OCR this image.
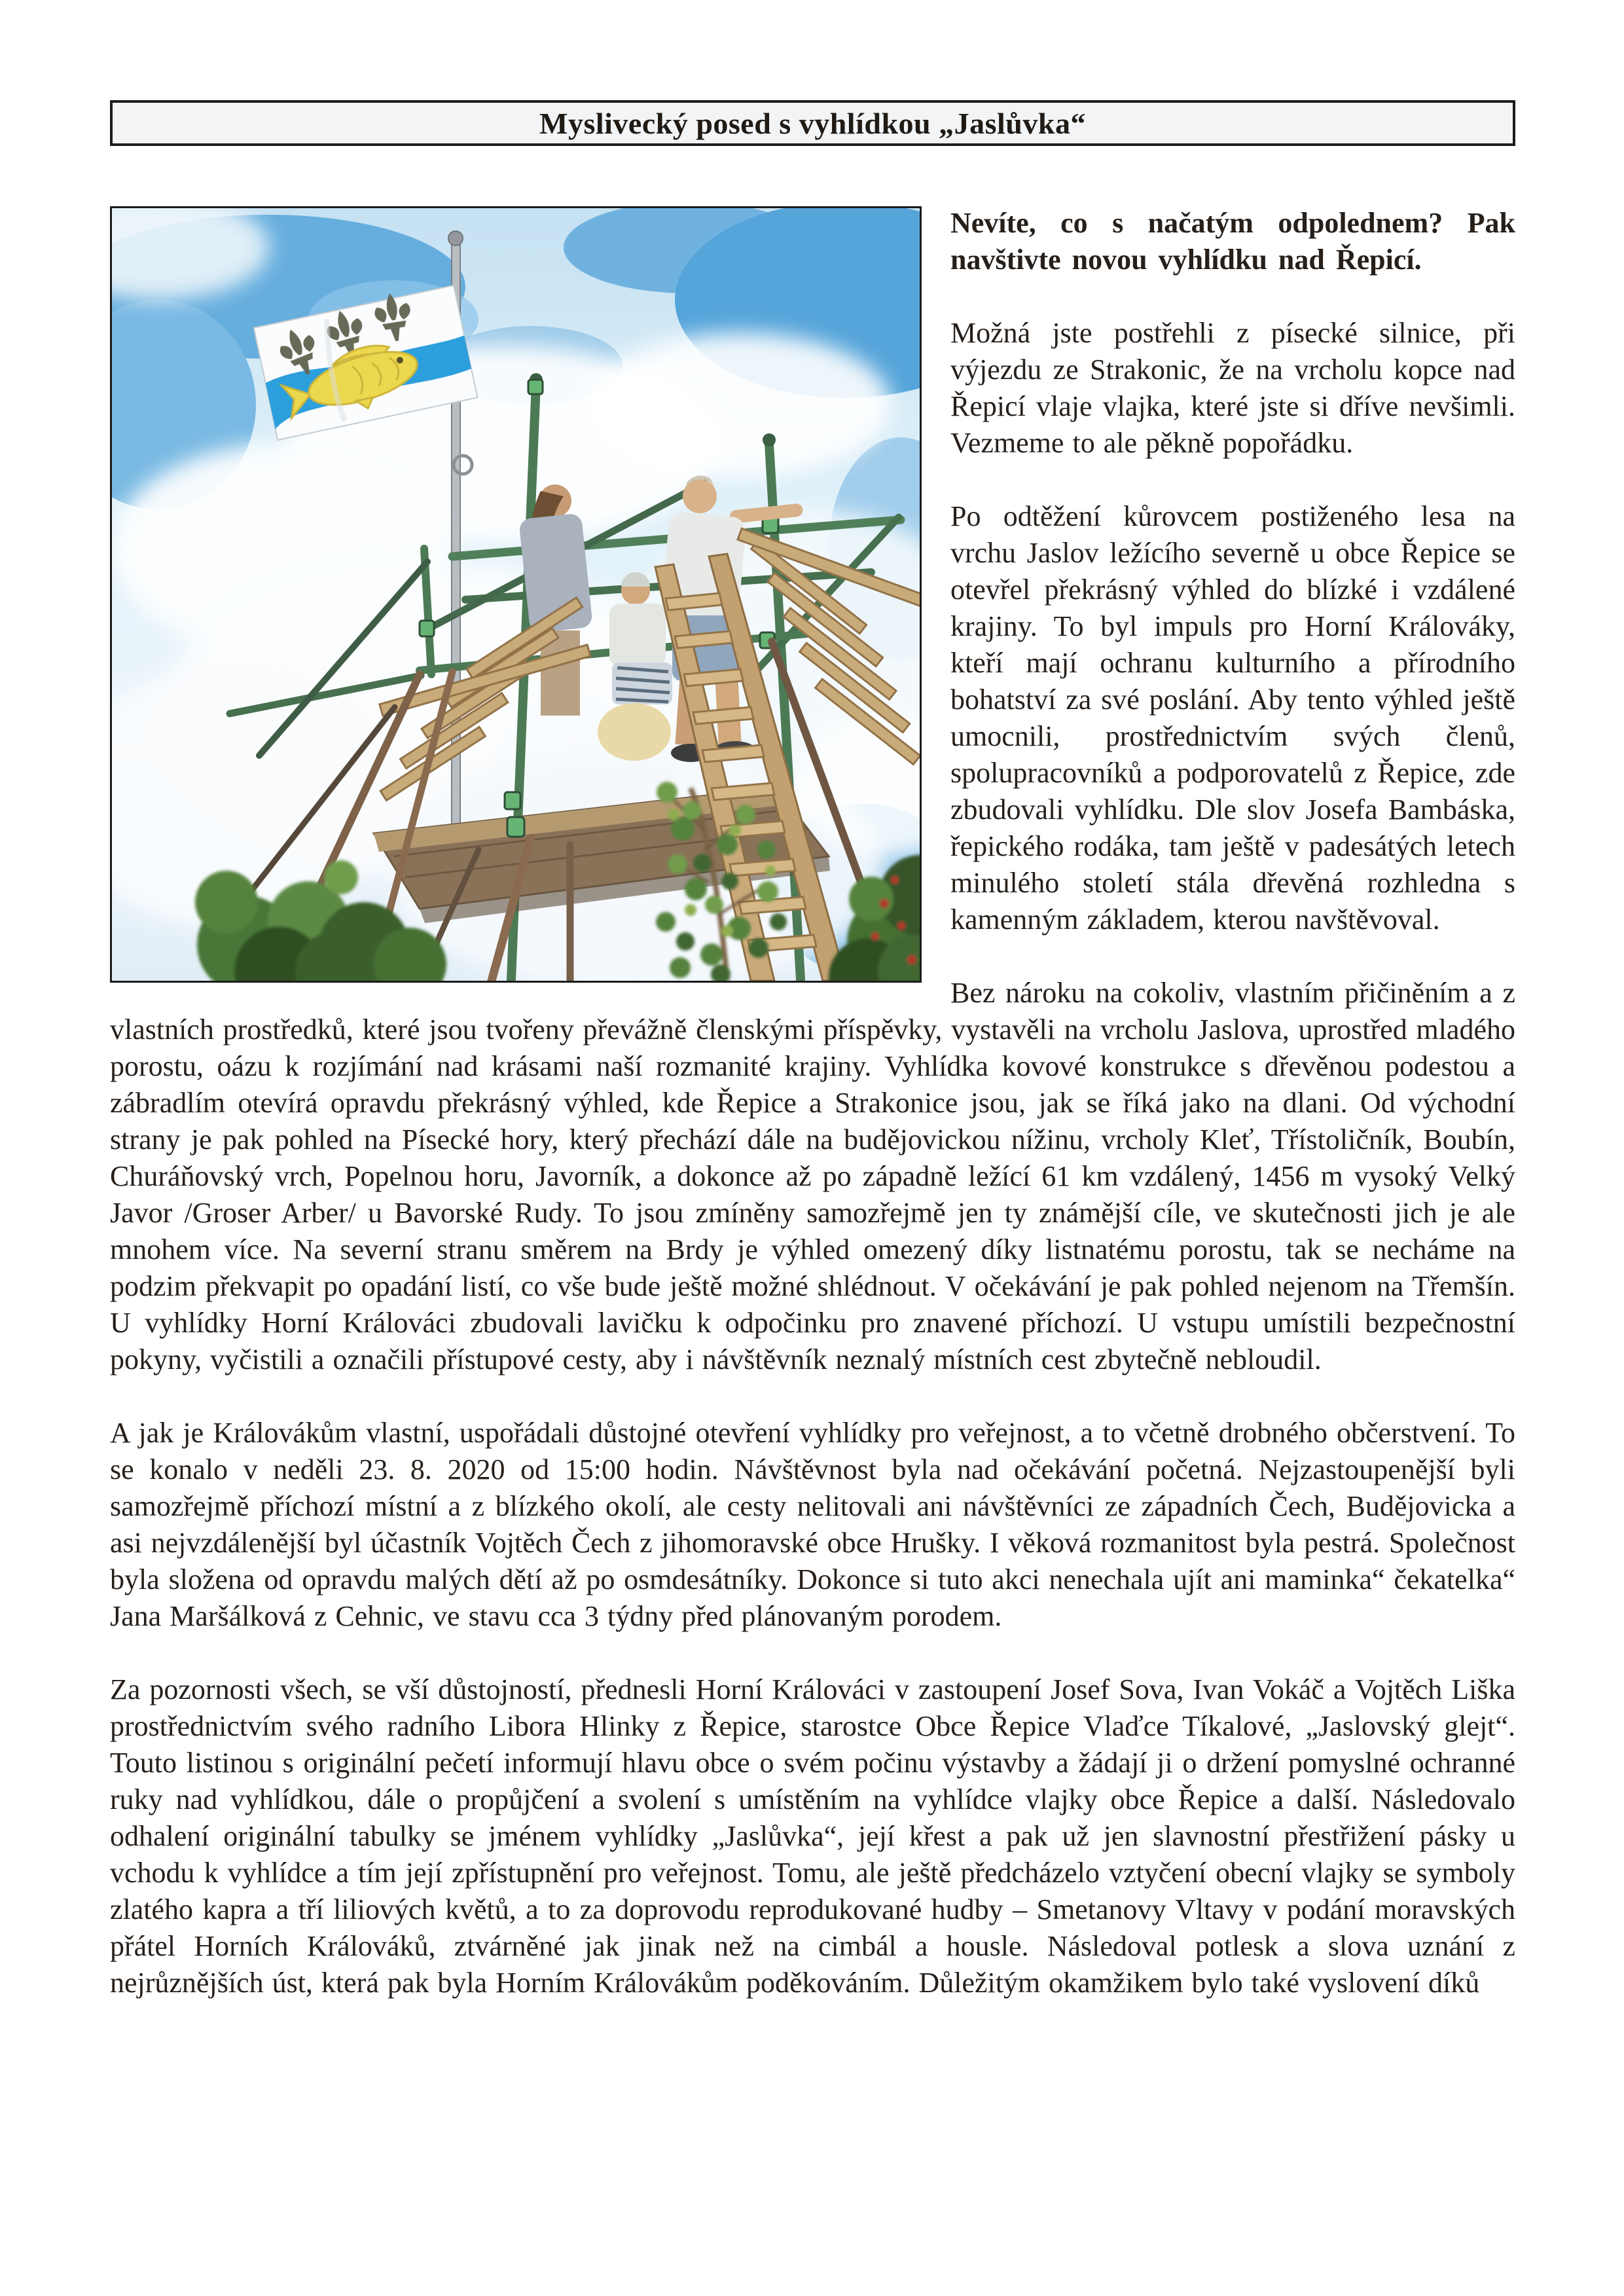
Myslivecký posed s vyhlídkou „Jaslůvka“

Nevíte, co s načatým odpolednem? Pak navštivte novou vyhlídku nad Řepicí.

Možná jste postřehli z písecké silnice, při výjezdu ze Strakonic, že na vrcholu kopce nad Řepicí vlaje vlajka, které jste si dříve nevšimli. Vezmeme to ale pěkně popořádku.

Po odtěžení kůrovcem postiženého lesa na vrchu Jaslov ležícího severně u obce Řepice se otevřel překrásný výhled do blízké i vzdálené krajiny. To byl impuls pro Horní Králováky, kteří mají ochranu kulturního a přírodního bohatství za své poslání. Aby tento výhled ještě umocnili, prostřednictvím svých členů, spolupracovníků a podporovatelů z Řepice, zde zbudovali vyhlídku. Dle slov Josefa Bambáska, řepického rodáka, tam ještě v padesátých letech minulého století stála dřevěná rozhledna s kamenným základem, kterou navštěvoval.

Bez nároku na cokoliv, vlastním přičiněním a z vlastních prostředků, které jsou tvořeny převážně členskými příspěvky, vystavěli na vrcholu Jaslova, uprostřed mladého porostu, oázu k rozjímání nad krásami naší rozmanité krajiny. Vyhlídka kovové konstrukce s dřevěnou podestou a zábradlím otevírá opravdu překrásný výhled, kde Řepice a Strakonice jsou, jak se říká jako na dlani. Od východní strany je pak pohled na Písecké hory, který přechází dále na budějovickou nížinu, vrcholy Kleť, Třístoličník, Boubín, Churáňovský vrch, Popelnou horu, Javorník, a dokonce až po západně ležící 61 km vzdálený, 1456 m vysoký Velký Javor /Groser Arber/ u Bavorské Rudy. To jsou zmíněny samozřejmě jen ty známější cíle, ve skutečnosti jich je ale mnohem více. Na severní stranu směrem na Brdy je výhled omezený díky listnatému porostu, tak se necháme na podzim překvapit po opadání listí, co vše bude ještě možné shlédnout. V očekávání je pak pohled nejenom na Třemšín. U vyhlídky Horní Králováci zbudovali lavičku k odpočinku pro znavené příchozí. U vstupu umístili bezpečnostní pokyny, vyčistili a označili přístupové cesty, aby i návštěvník neznalý místních cest zbytečně nebloudil.

A jak je Královákům vlastní, uspořádali důstojné otevření vyhlídky pro veřejnost, a to včetně drobného občerstvení. To se konalo v neděli 23. 8. 2020 od 15:00 hodin. Návštěvnost byla nad očekávání početná. Nejzastoupenější byli samozřejmě příchozí místní a z blízkého okolí, ale cesty nelitovali ani návštěvníci ze západních Čech, Budějovicka a asi nejvzdálenější byl účastník Vojtěch Čech z jihomoravské obce Hrušky. I věková rozmanitost byla pestrá. Společnost byla složena od opravdu malých dětí až po osmdesátníky. Dokonce si tuto akci nenechala ujít ani maminka“ čekatelka“ Jana Maršálková z Cehnic, ve stavu cca 3 týdny před plánovaným porodem.

Za pozornosti všech, se vší důstojností, přednesli Horní Králováci v zastoupení Josef Sova, Ivan Vokáč a Vojtěch Liška prostřednictvím svého radního Libora Hlinky z Řepice, starostce Obce Řepice Vlaďce Tíkalové, „Jaslovský glejt“. Touto listinou s originální pečetí informují hlavu obce o svém počinu výstavby a žádají ji o držení pomyslné ochranné ruky nad vyhlídkou, dále o propůjčení a svolení s umístěním na vyhlídce vlajky obce Řepice a další. Následovalo odhalení originální tabulky se jménem vyhlídky „Jaslůvka“, její křest a pak už jen slavnostní přestřižení pásky u vchodu k vyhlídce a tím její zpřístupnění pro veřejnost. Tomu, ale ještě předcházelo vztyčení obecní vlajky se symboly zlatého kapra a tří liliových květů, a to za doprovodu reprodukované hudby – Smetanovy Vltavy v podání moravských přátel Horních Králováků, ztvárněné jak jinak než na cimbál a housle. Následoval potlesk a slova uznání z nejrůznějších úst, která pak byla Horním Královákům poděkováním. Důležitým okamžikem bylo také vyslovení díků
